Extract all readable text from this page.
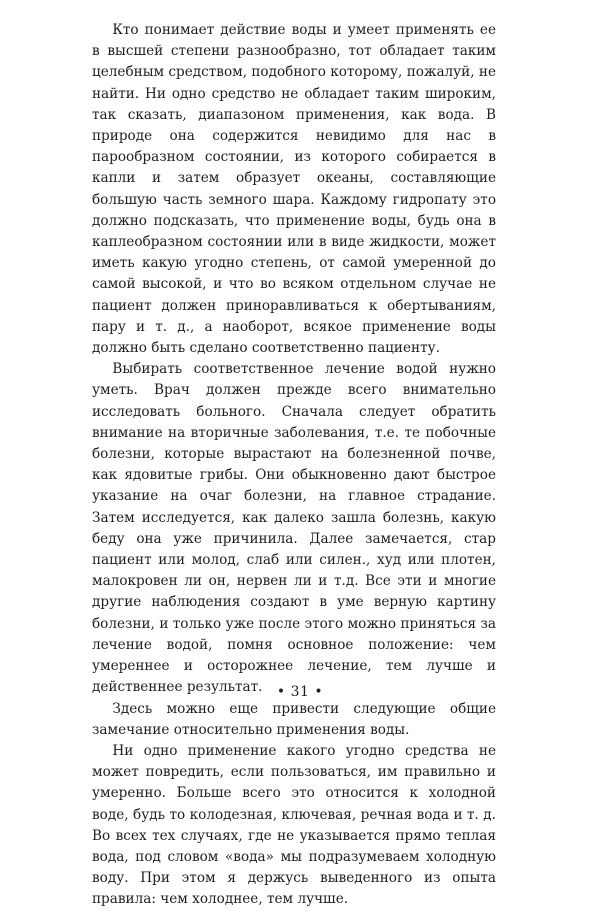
Кто понимает действие воды и умеет применять ее в высшей степени разнообразно, тот обладает таким целебным средством, подобного которому, пожалуй, не найти. Ни одно средство не обладает таким широким, так сказать, диапазоном применения, как вода. В природе она содержится невидимо для нас в парообразном состоянии, из которого собирается в капли и затем образует океаны, составляющие большую часть земного шара. Каждому гидропату это должно подсказать, что применение воды, будь она в каплеобразном состоянии или в виде жидкости, может иметь какую угодно степень, от самой умеренной до самой высокой, и что во всяком отдельном случае не пациент должен приноравливаться к обертываниям, пару и т. д., а наоборот, всякое применение воды должно быть сделано соответственно пациенту.

Выбирать соответственное лечение водой нужно уметь. Врач должен прежде всего внимательно исследовать больного. Сначала следует обратить внимание на вторичные заболевания, т.е. те побочные болезни, которые вырастают на болезненной почве, как ядовитые грибы. Они обыкновенно дают быстрое указание на очаг болезни, на главное страдание. Затем исследуется, как далеко зашла болезнь, какую беду она уже причинила. Далее замечается, стар пациент или молод, слаб или силен., худ или плотен, малокровен ли он, нервен ли и т.д. Все эти и многие другие наблюдения создают в уме верную картину болезни, и только уже после этого можно приняться за лечение водой, помня основное положение: чем умереннее и осторожнее лечение, тем лучше и действеннее результат.

Здесь можно еще привести следующие общие замечание относительно применения воды.

Ни одно применение какого угодно средства не может повредить, если пользоваться, им правильно и умеренно. Больше всего это относится к холодной воде, будь то колодезная, ключевая, речная вода и т. д. Во всех тех случаях, где не указывается прямо теплая вода, под словом «вода» мы подразумеваем холодную воду. При этом я держусь выведенного из опыта правила: чем холоднее, тем лучше.

• 31 •
